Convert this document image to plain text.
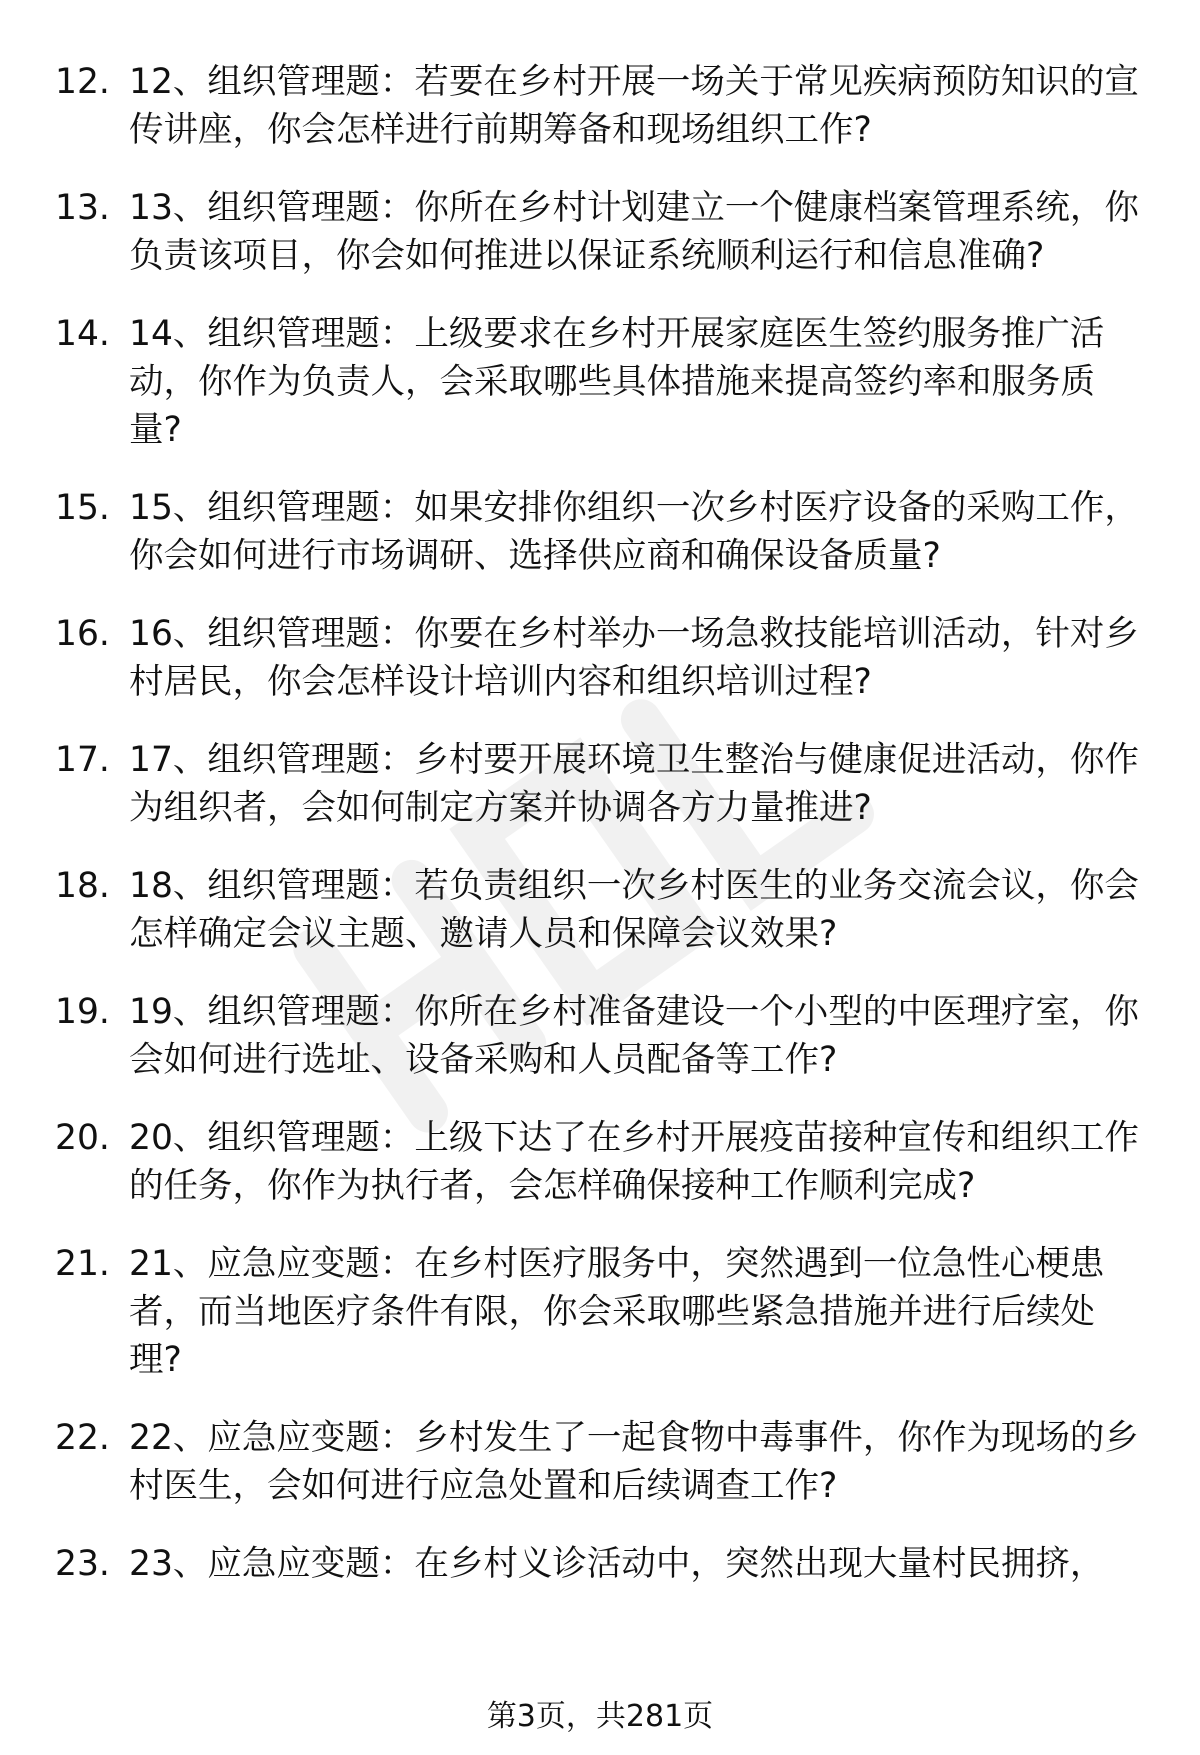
12. 12、组织管理题：若要在乡村开展一场关于常见疾病预防知识的宣传讲座，你会怎样进行前期筹备和现场组织工作?
13. 13、组织管理题：你所在乡村计划建立一个健康档案管理系统，你负责该项目，你会如何推进以保证系统顺利运行和信息准确?
14. 14、组织管理题：上级要求在乡村开展家庭医生签约服务推广活动，你作为负责人，会采取哪些具体措施来提高签约率和服务质量?
15. 15、组织管理题：如果安排你组织一次乡村医疗设备的采购工作，你会如何进行市场调研、选择供应商和确保设备质量?
16. 16、组织管理题：你要在乡村举办一场急救技能培训活动，针对乡村居民，你会怎样设计培训内容和组织培训过程?
17. 17、组织管理题：乡村要开展环境卫生整治与健康促进活动，你作为组织者，会如何制定方案并协调各方力量推进?
18. 18、组织管理题：若负责组织一次乡村医生的业务交流会议，你会怎样确定会议主题、邀请人员和保障会议效果?
19. 19、组织管理题：你所在乡村准备建设一个小型的中医理疗室，你会如何进行选址、设备采购和人员配备等工作?
20. 20、组织管理题：上级下达了在乡村开展疫苗接种宣传和组织工作的任务，你作为执行者，会怎样确保接种工作顺利完成?
21. 21、应急应变题：在乡村医疗服务中，突然遇到一位急性心梗患者，而当地医疗条件有限，你会采取哪些紧急措施并进行后续处理?
22. 22、应急应变题：乡村发生了一起食物中毒事件，你作为现场的乡村医生，会如何进行应急处置和后续调查工作?
23. 23、应急应变题：在乡村义诊活动中，突然出现大量村民拥挤，
第3页，共281页
